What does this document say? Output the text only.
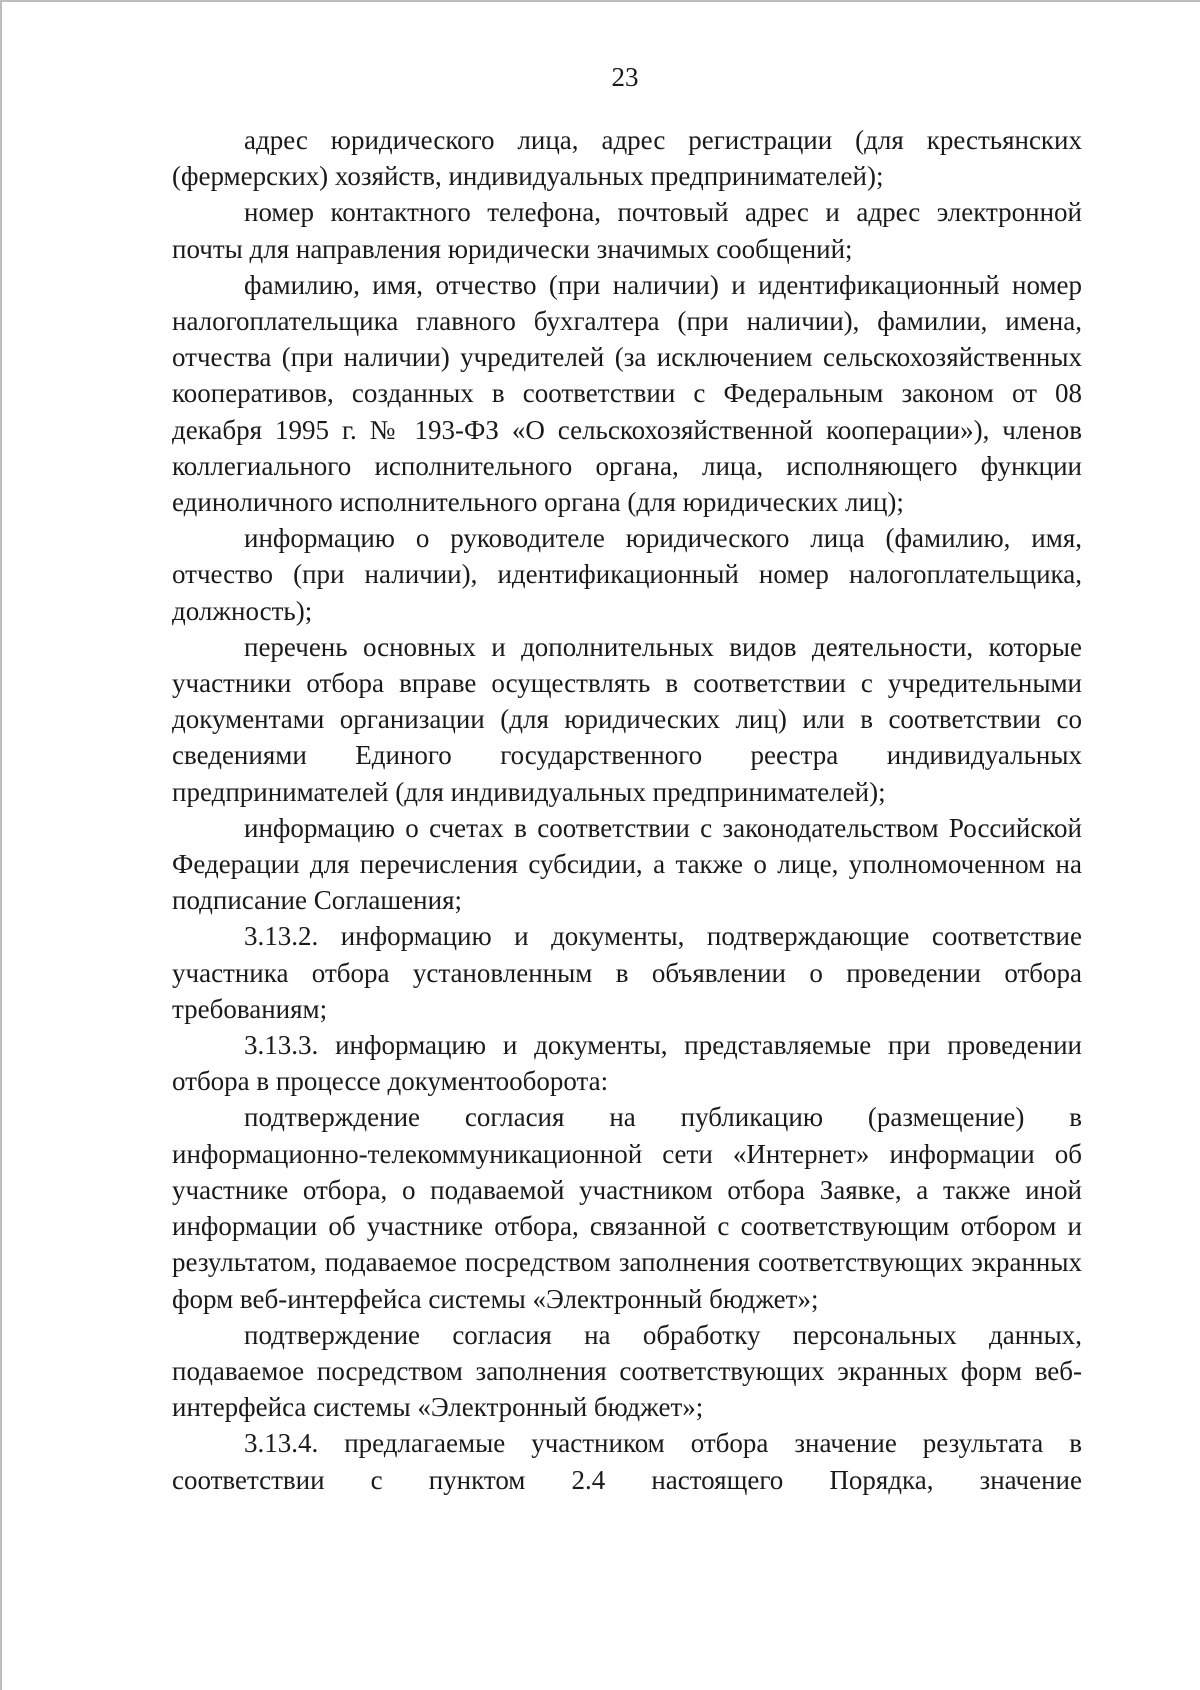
23

адрес юридического лица, адрес регистрации (для крестьянских (фермерских) хозяйств, индивидуальных предпринимателей);

номер контактного телефона, почтовый адрес и адрес электронной почты для направления юридически значимых сообщений;

фамилию, имя, отчество (при наличии) и идентификационный номер налогоплательщика главного бухгалтера (при наличии), фамилии, имена, отчества (при наличии) учредителей (за исключением сельскохозяйственных кооперативов, созданных в соответствии с Федеральным законом от 08 декабря 1995 г. № 193-ФЗ «О сельскохозяйственной кооперации»), членов коллегиального исполнительного органа, лица, исполняющего функции единоличного исполнительного органа (для юридических лиц);

информацию о руководителе юридического лица (фамилию, имя, отчество (при наличии), идентификационный номер налогоплательщика, должность);

перечень основных и дополнительных видов деятельности, которые участники отбора вправе осуществлять в соответствии с учредительными документами организации (для юридических лиц) или в соответствии со сведениями Единого государственного реестра индивидуальных предпринимателей (для индивидуальных предпринимателей);

информацию о счетах в соответствии с законодательством Российской Федерации для перечисления субсидии, а также о лице, уполномоченном на подписание Соглашения;

3.13.2. информацию и документы, подтверждающие соответствие участника отбора установленным в объявлении о проведении отбора требованиям;

3.13.3. информацию и документы, представляемые при проведении отбора в процессе документооборота:

подтверждение согласия на публикацию (размещение) в информационно-телекоммуникационной сети «Интернет» информации об участнике отбора, о подаваемой участником отбора Заявке, а также иной информации об участнике отбора, связанной с соответствующим отбором и результатом, подаваемое посредством заполнения соответствующих экранных форм веб-интерфейса системы «Электронный бюджет»;

подтверждение согласия на обработку персональных данных, подаваемое посредством заполнения соответствующих экранных форм веб-интерфейса системы «Электронный бюджет»;

3.13.4. предлагаемые участником отбора значение результата в соответствии с пунктом 2.4 настоящего Порядка, значение
